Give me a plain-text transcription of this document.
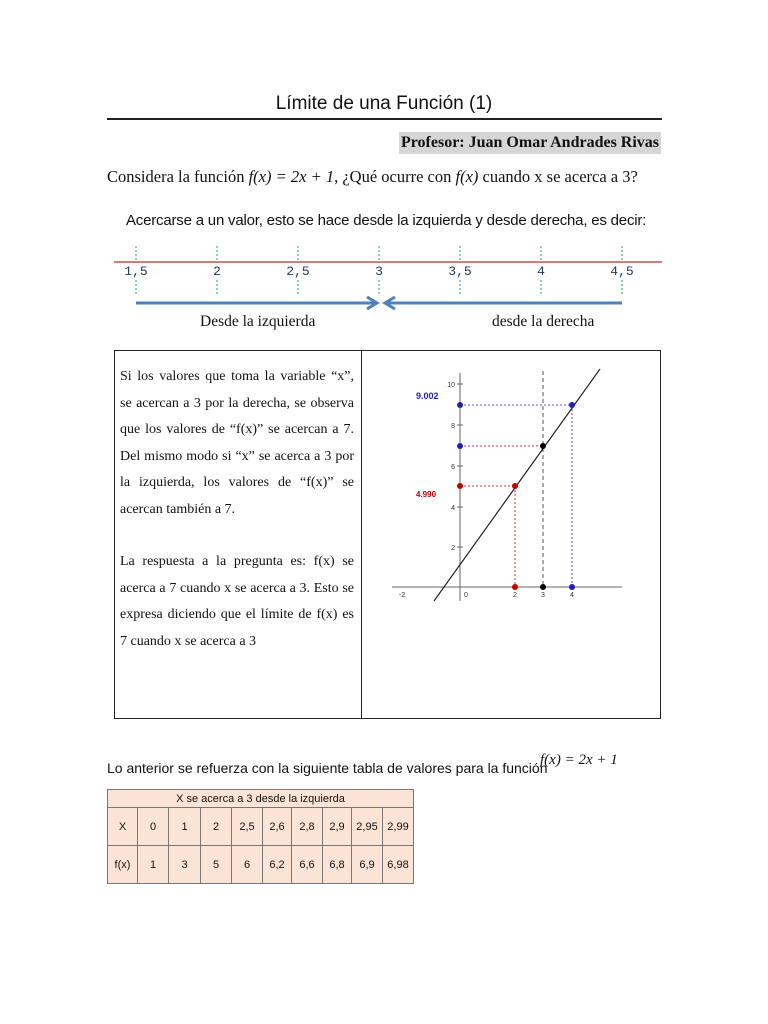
Límite de una Función (1)
Profesor: Juan Omar Andrades Rivas
Considera la función f(x) = 2x + 1, ¿Qué ocurre con f(x) cuando x se acerca a 3?
Acercarse a un valor, esto se hace desde la izquierda y desde derecha, es decir:
1,5	2	2,5	3	3,5	4	4,5
Desde la izquierda	desde la derecha

Si los valores que toma la variable “x”, se acercan a 3 por la derecha, se observa que los valores de “f(x)” se acercan a 7. Del mismo modo si “x” se acerca a 3 por la izquierda, los valores de “f(x)” se acercan también a 7.

La respuesta a la pregunta es: f(x) se acerca a 7 cuando x se acerca a 3. Esto se expresa diciendo que el límite de f(x) es 7 cuando x se acerca a 3

10
8
6
4
2
-2	0	2	3	4
9.002
4.990
Lo anterior se refuerza con la siguiente tabla de valores para la función
f(x) = 2x + 1
X se acerca a 3 desde la izquierda									
X	0	1	2	2,5	2,6	2,8	2,9	2,95	2,99
f(x)	1	3	5	6	6,2	6,6	6,8	6,9	6,98
